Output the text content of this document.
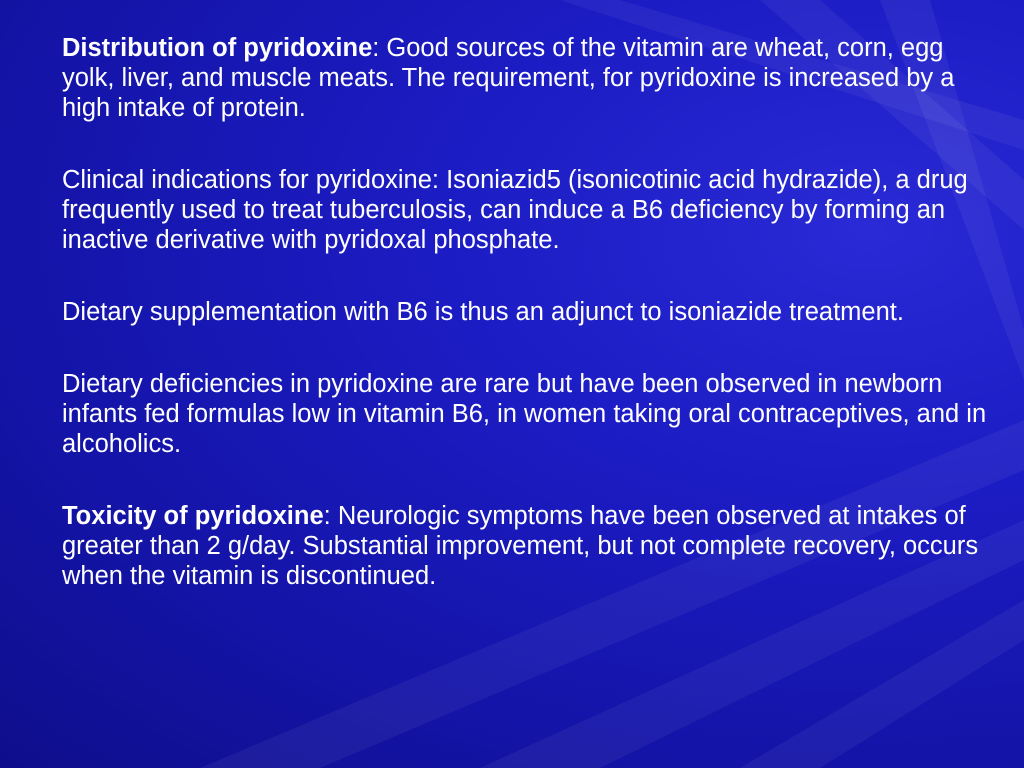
Distribution of pyridoxine: Good sources of the vitamin are wheat, corn, egg yolk, liver, and muscle meats. The requirement, for pyridoxine is increased by a high intake of protein.

Clinical indications for pyridoxine: Isoniazid5 (isonicotinic acid hydrazide), a drug frequently used to treat tuberculosis, can induce a B6 deficiency by forming an inactive derivative with pyridoxal phosphate.

Dietary supplementation with B6 is thus an adjunct to isoniazide treatment.

Dietary deficiencies in pyridoxine are rare but have been observed in newborn infants fed formulas low in vitamin B6, in women taking oral contraceptives, and in alcoholics.

Toxicity of pyridoxine: Neurologic symptoms have been observed at intakes of greater than 2 g/day. Substantial improvement, but not complete recovery, occurs when the vitamin is discontinued.
